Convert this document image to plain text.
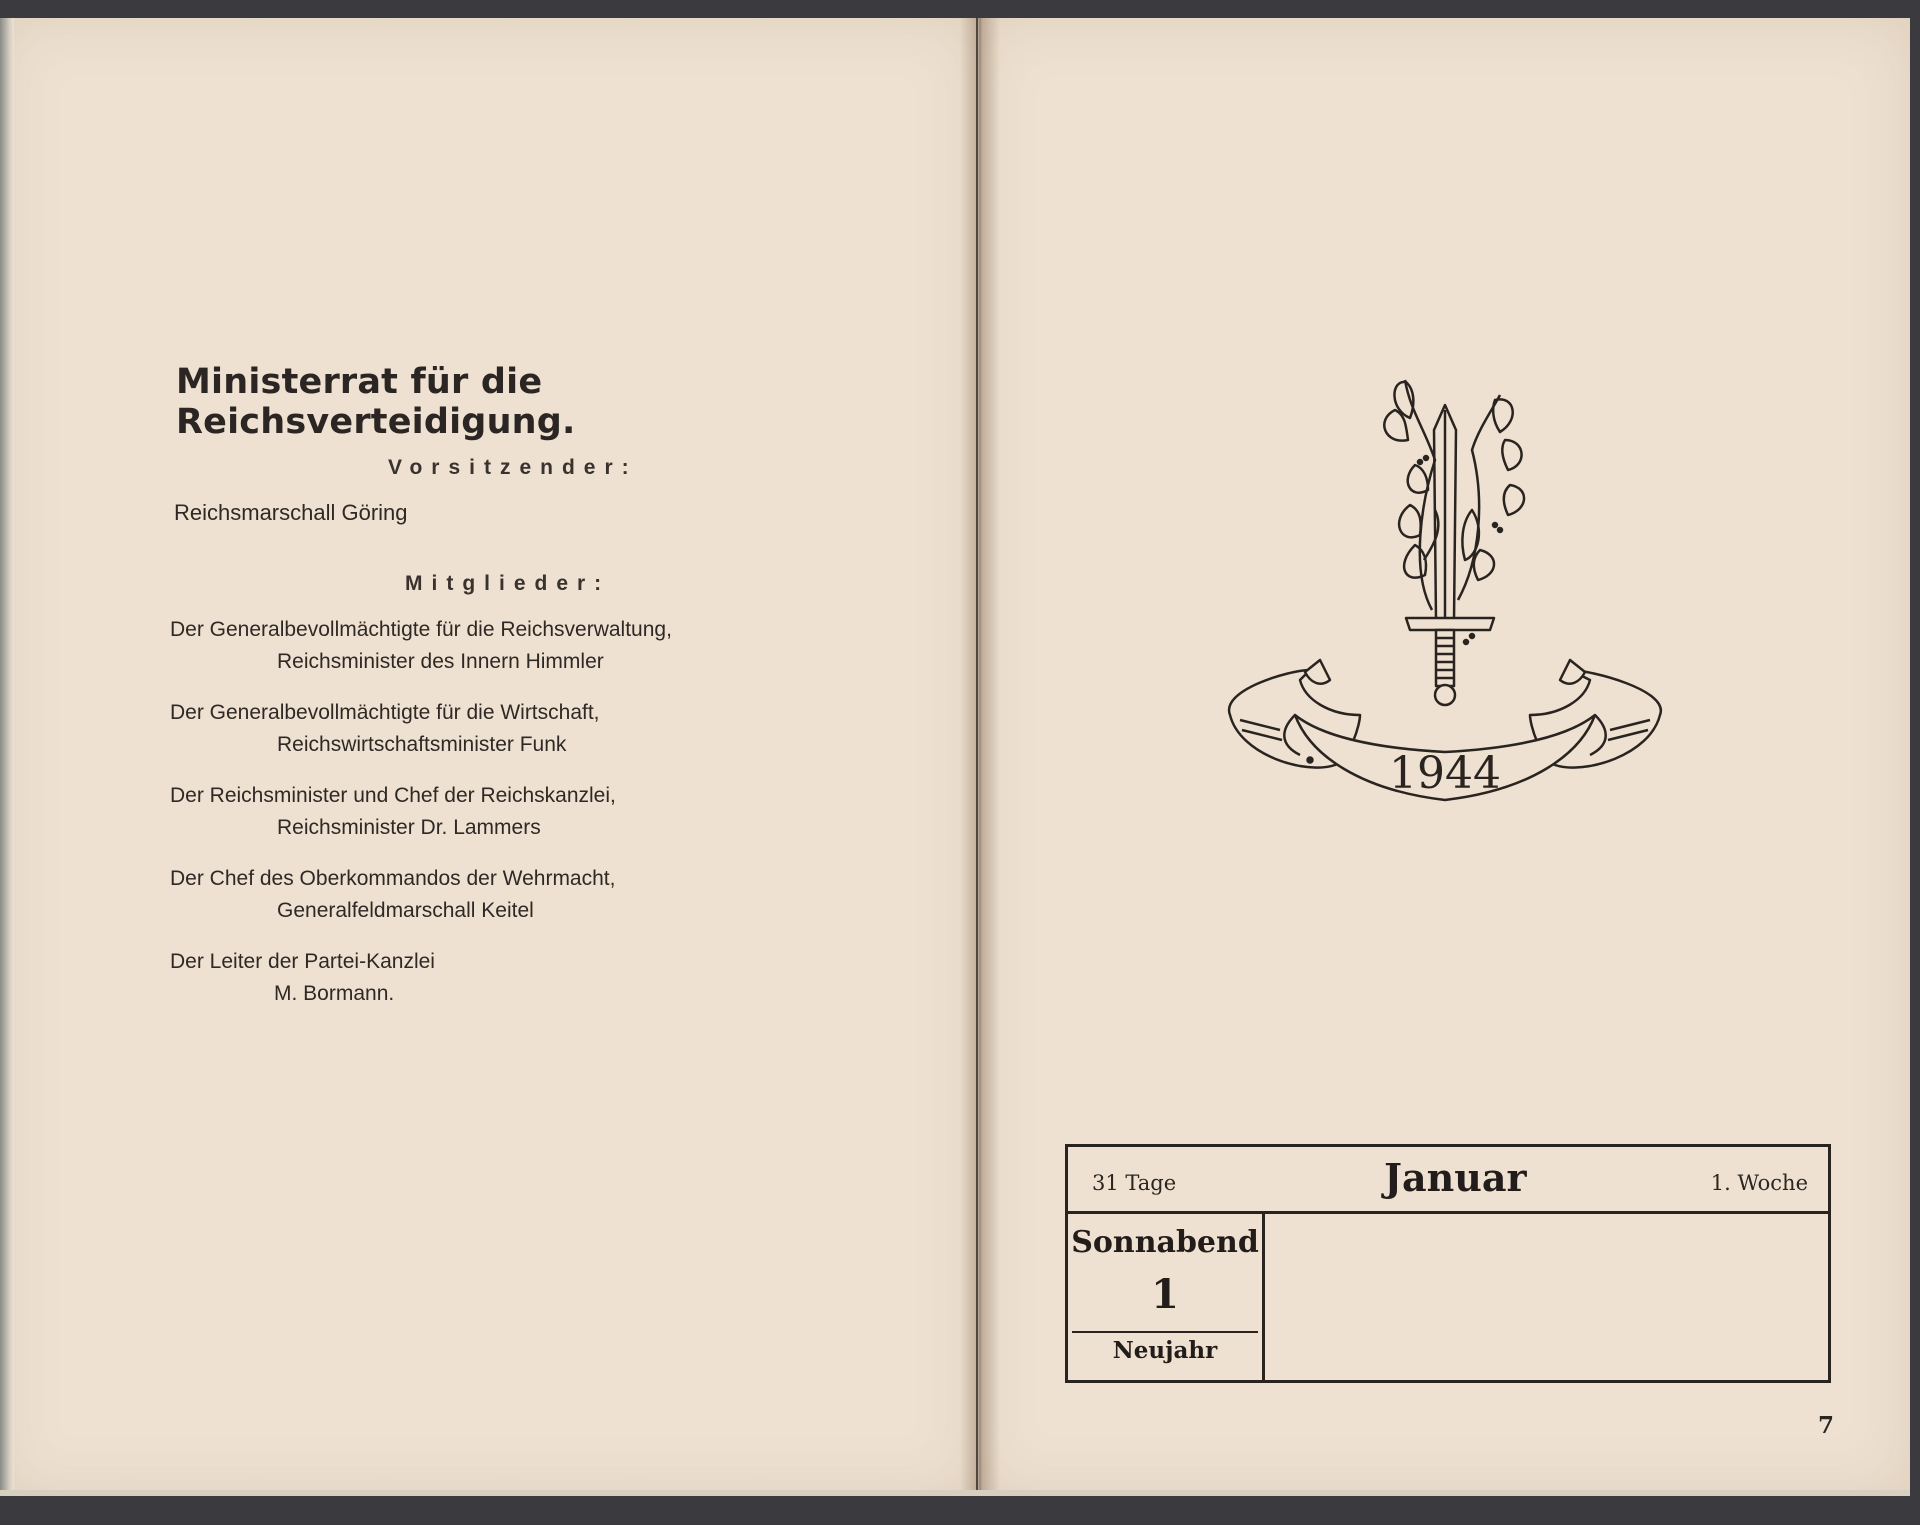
Ministerrat für die Reichsverteidigung.
Vorsitzender:
Reichsmarschall Göring
Mitglieder:
Der Generalbevollmächtigte für die Reichsverwaltung,
Reichsminister des Innern Himmler
Der Generalbevollmächtigte für die Wirtschaft,
Reichswirtschaftsminister Funk
Der Reichsminister und Chef der Reichskanzlei,
Reichsminister Dr. Lammers
Der Chef des Oberkommandos der Wehrmacht,
Generalfeldmarschall Keitel
Der Leiter der Partei-Kanzlei
M. Bormann.
1944
31 Tage	Januar	1. Woche
Sonnabend
1
Neujahr
7
